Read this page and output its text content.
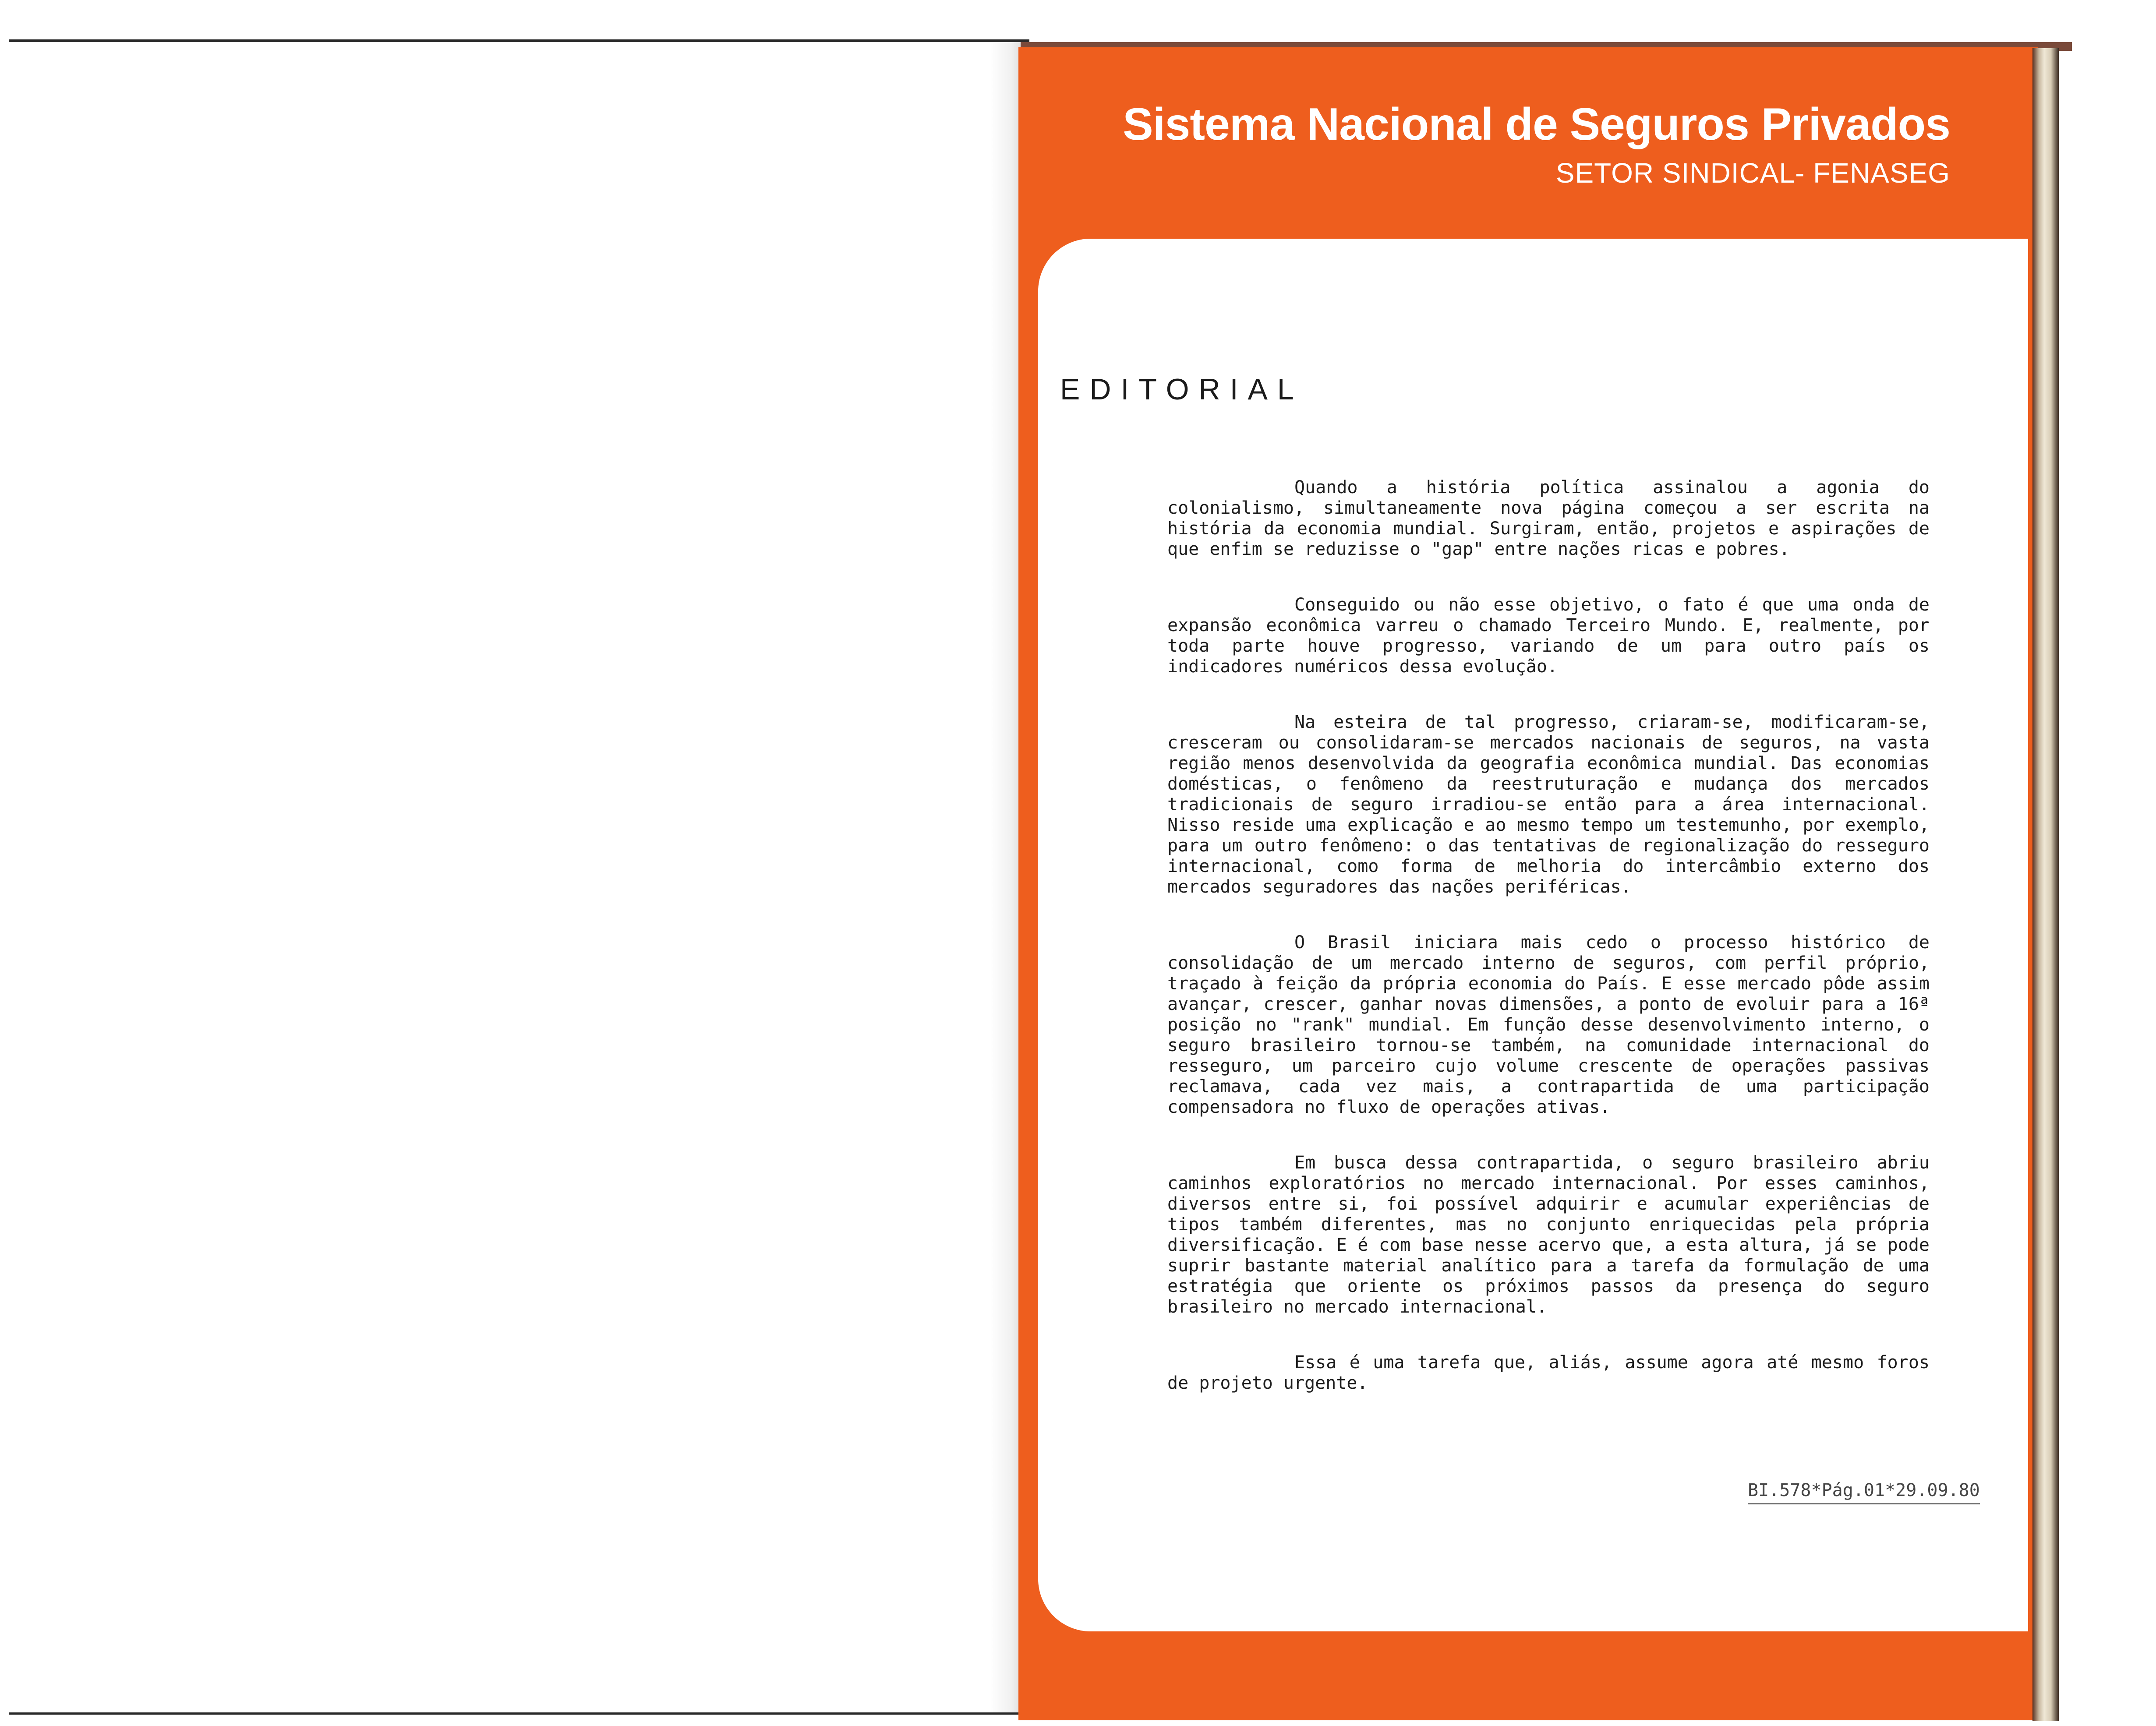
Sistema Nacional de Seguros Privados
SETOR SINDICAL- FENASEG
EDITORIAL

Quando a história política assinalou a agonia do colonialismo, simultaneamente nova página começou a ser escrita na história da economia mundial. Surgiram, então, projetos e aspirações de que enfim se reduzisse o "gap" entre nações ricas e pobres.

Conseguido ou não esse objetivo, o fato é que uma onda de expansão econômica varreu o chamado Terceiro Mundo. E, realmente, por toda parte houve progresso, variando de um para outro país os indicadores numéricos dessa evolução.

Na esteira de tal progresso, criaram-se, modificaram-se, cresceram ou consolidaram-se mercados nacionais de seguros, na vasta região menos desenvolvida da geografia econômica mundial. Das economias domésticas, o fenômeno da reestruturação e mudança dos mercados tradicionais de seguro irradiou-se então para a área internacional. Nisso reside uma explicação e ao mesmo tempo um testemunho, por exemplo, para um outro fenômeno: o das tentativas de regionalização do resseguro internacional, como forma de melhoria do intercâmbio externo dos mercados seguradores das nações periféricas.

O Brasil iniciara mais cedo o processo histórico de consolidação de um mercado interno de seguros, com perfil próprio, traçado à feição da própria economia do País. E esse mercado pôde assim avançar, crescer, ganhar novas dimensões, a ponto de evoluir para a 16ª posição no "rank" mundial. Em função desse desenvolvimento interno, o seguro brasileiro tornou-se também, na comunidade internacional do resseguro, um parceiro cujo volume crescente de operações passivas reclamava, cada vez mais, a contrapartida de uma participação compensadora no fluxo de operações ativas.

Em busca dessa contrapartida, o seguro brasileiro abriu caminhos exploratórios no mercado internacional. Por esses caminhos, diversos entre si, foi possível adquirir e acumular experiências de tipos também diferentes, mas no conjunto enriquecidas pela própria diversificação. E é com base nesse acervo que, a esta altura, já se pode suprir bastante material analítico para a tarefa da formulação de uma estratégia que oriente os próximos passos da presença do seguro brasileiro no mercado internacional.

Essa é uma tarefa que, aliás, assume agora até mesmo foros de projeto urgente.

BI.578*Pág.01*29.09.80
